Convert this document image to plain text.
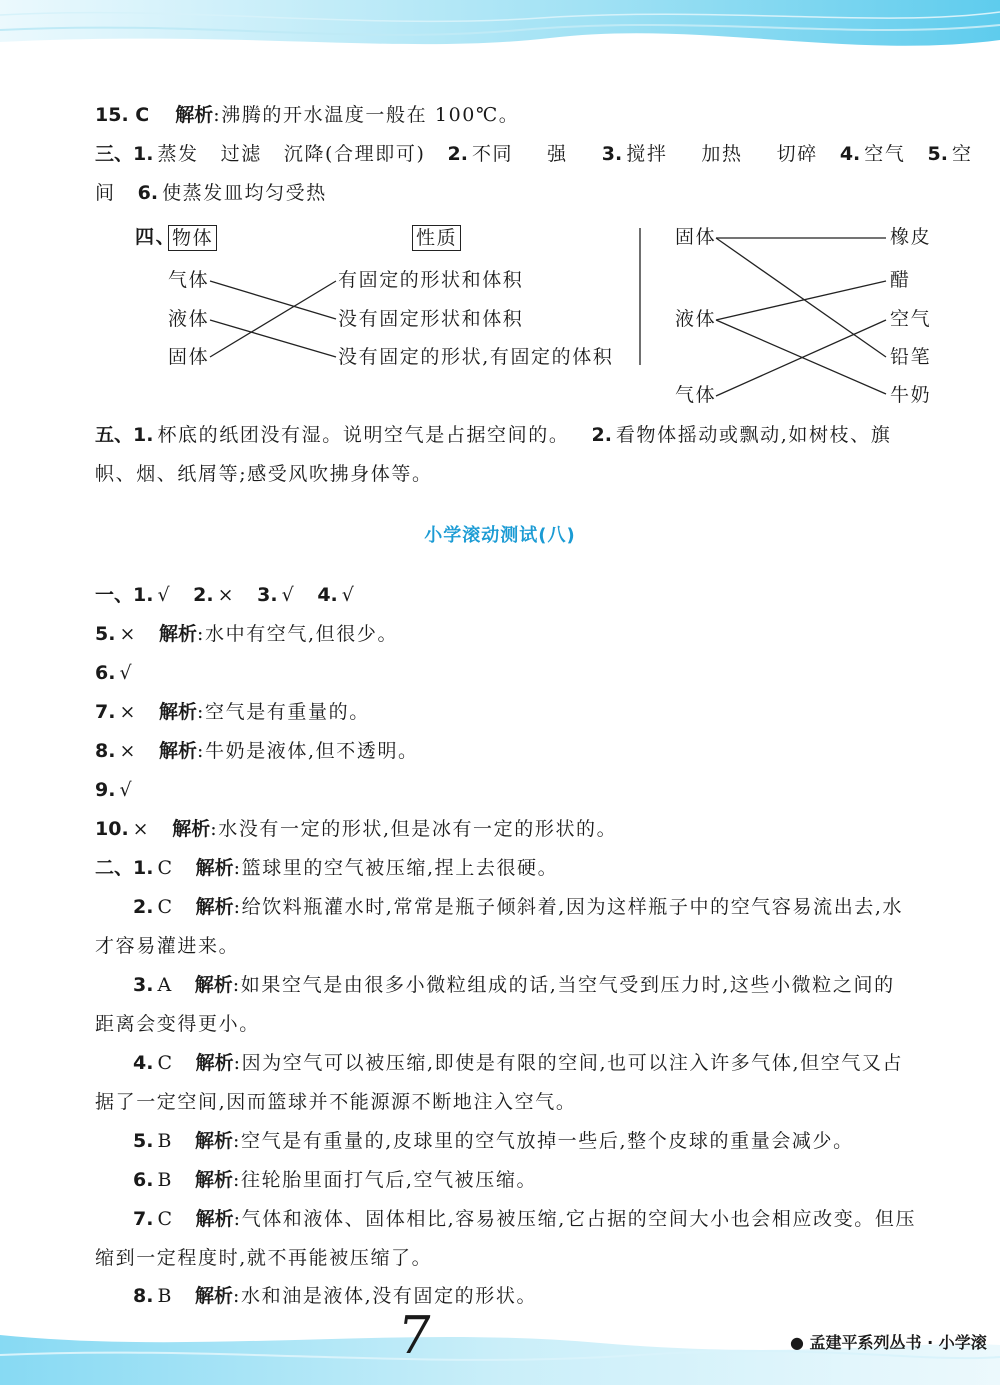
15. C 解析:沸腾的开水温度一般在 100℃。
三、1. 蒸发 过滤 沉降(合理即可) 2. 不同 强 3. 搅拌 加热 切碎 4. 空气 5. 空
间 6. 使蒸发皿均匀受热
四、
物体	性质
气体
液体
固体
有固定的形状和体积
没有固定形状和体积
没有固定的形状,有固定的体积
固体
液体
气体
橡皮
醋
空气
铅笔
牛奶
五、1. 杯底的纸团没有湿。说明空气是占据空间的。 2. 看物体摇动或飘动,如树枝、旗
帜、烟、纸屑等;感受风吹拂身体等。
小学滚动测试(八)
一、1. √ 2. × 3. √ 4. √
5. × 解析:水中有空气,但很少。
6. √
7. × 解析:空气是有重量的。
8. × 解析:牛奶是液体,但不透明。
9. √
10. × 解析:水没有一定的形状,但是冰有一定的形状的。
二、1. C 解析:篮球里的空气被压缩,捏上去很硬。
2. C 解析:给饮料瓶灌水时,常常是瓶子倾斜着,因为这样瓶子中的空气容易流出去,水
才容易灌进来。
3. A 解析:如果空气是由很多小微粒组成的话,当空气受到压力时,这些小微粒之间的
距离会变得更小。
4. C 解析:因为空气可以被压缩,即使是有限的空间,也可以注入许多气体,但空气又占
据了一定空间,因而篮球并不能源源不断地注入空气。
5. B 解析:空气是有重量的,皮球里的空气放掉一些后,整个皮球的重量会减少。
6. B 解析:往轮胎里面打气后,空气被压缩。
7. C 解析:气体和液体、固体相比,容易被压缩,它占据的空间大小也会相应改变。但压
缩到一定程度时,就不再能被压缩了。
8. B 解析:水和油是液体,没有固定的形状。
7	● 孟建平系列丛书 · 小学滚
